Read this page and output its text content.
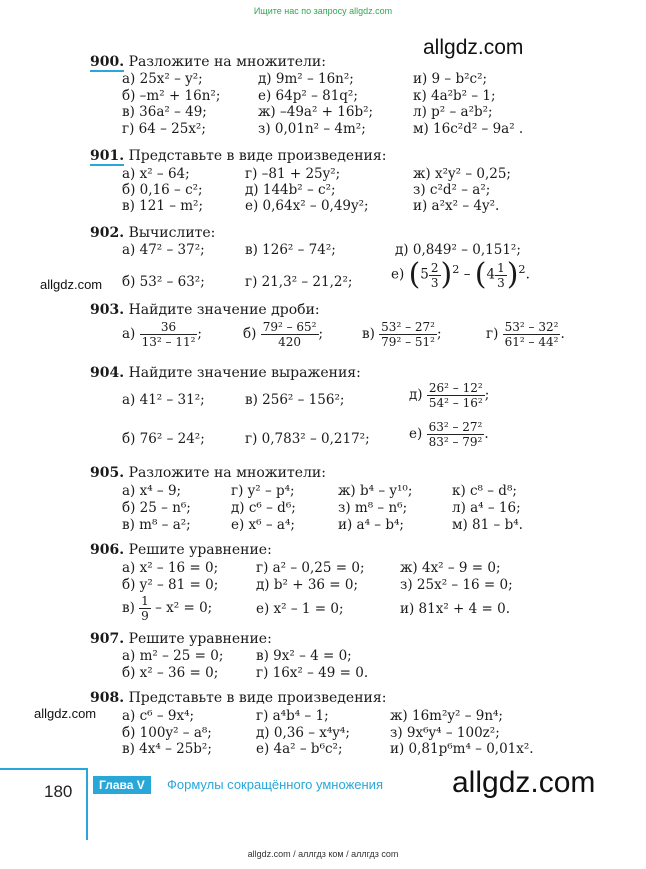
Ищите нас по запросу allgdz.com
allgdz.com
allgdz.com
allgdz.com
allgdz.com
900. Разложите на множители:
а) 25x² – y²;	д) 9m² – 16n²;	и) 9 – b²c²;
б) –m² + 16n²;	е) 64p² – 81q²;	к) 4a²b² – 1;
в) 36a² – 49;	ж) –49a² + 16b²;	л) p² – a²b²;
г) 64 – 25x²;	з) 0,01n² – 4m²;	м) 16c²d² – 9a² .
901. Представьте в виде произведения:
а) x² – 64;	г) –81 + 25y²;	ж) x²y² – 0,25;
б) 0,16 – c²;	д) 144b² – c²;	з) c²d² – a²;
в) 121 – m²;	е) 0,64x² – 0,49y²;	и) a²x² – 4y².
902. Вычислите:
а) 47² – 37²;	в) 126² – 74²;	д) 0,849² – 0,151²;
б) 53² – 63²;	г) 21,3² – 21,2²;	е) $(5 \frac{2}{3} )^2 - (4 \frac{1}{3} )^2$.
903. Найдите значение дроби:
$а) \frac{36}{\text{13² – 11²}}$ ;	$б) \frac{\text{79² – 65²}}{420}$ ;	$в) \frac{\text{53² – 27²}}{\text{79² – 51²}}$ ;	$г) \frac{\text{53² – 32²}}{\text{61² – 44²}}$ .
904. Найдите значение выражения:
а) 41² – 31²;	в) 256² – 156²;	$д) \frac{\text{26² – 12²}}{\text{54² – 16²}}$ ;
б) 76² – 24²;	г) 0,783² – 0,217²;	$е) \frac{\text{63² – 27²}}{\text{83² – 79²}}$ .
905. Разложите на множители:
а) x⁴ – 9;	г) y² – p⁴;	ж) b⁴ – y¹⁰;	к) c⁸ – d⁸;
б) 25 – n⁶;	д) c⁶ – d⁶;	з) m⁸ – n⁶;	л) a⁴ – 16;
в) m⁸ – a²;	е) x⁶ – a⁴;	и) a⁴ – b⁴;	м) 81 – b⁴.
906. Решите уравнение:
а) x² – 16 = 0;	г) a² – 0,25 = 0;	ж) 4x² – 9 = 0;
б) y² – 81 = 0;	д) b² + 36 = 0;	з) 25x² – 16 = 0;
$в) \frac{1}{9} - x^2 = 0$;	е) x² – 1 = 0;	и) 81x² + 4 = 0.
907. Решите уравнение:
а) m² – 25 = 0; в) 9x² – 4 = 0;
б) x² – 36 = 0;	г) 16x² – 49 = 0.
908. Представьте в виде произведения:
а) c⁶ – 9x⁴;	г) a⁴b⁴ – 1;	ж) 16m²y² – 9n⁴;
б) 100y² – a⁸;	д) 0,36 – x⁴y⁴;	з) 9x⁶y⁴ – 100z²;
в) 4x⁴ – 25b²;	е) 4a² – b⁶c²;	и) 0,81p⁶m⁴ – 0,01x².
180	Глава V	Формулы сокращённого умножения
allgdz.com / аллгдз ком / аллгдз com
